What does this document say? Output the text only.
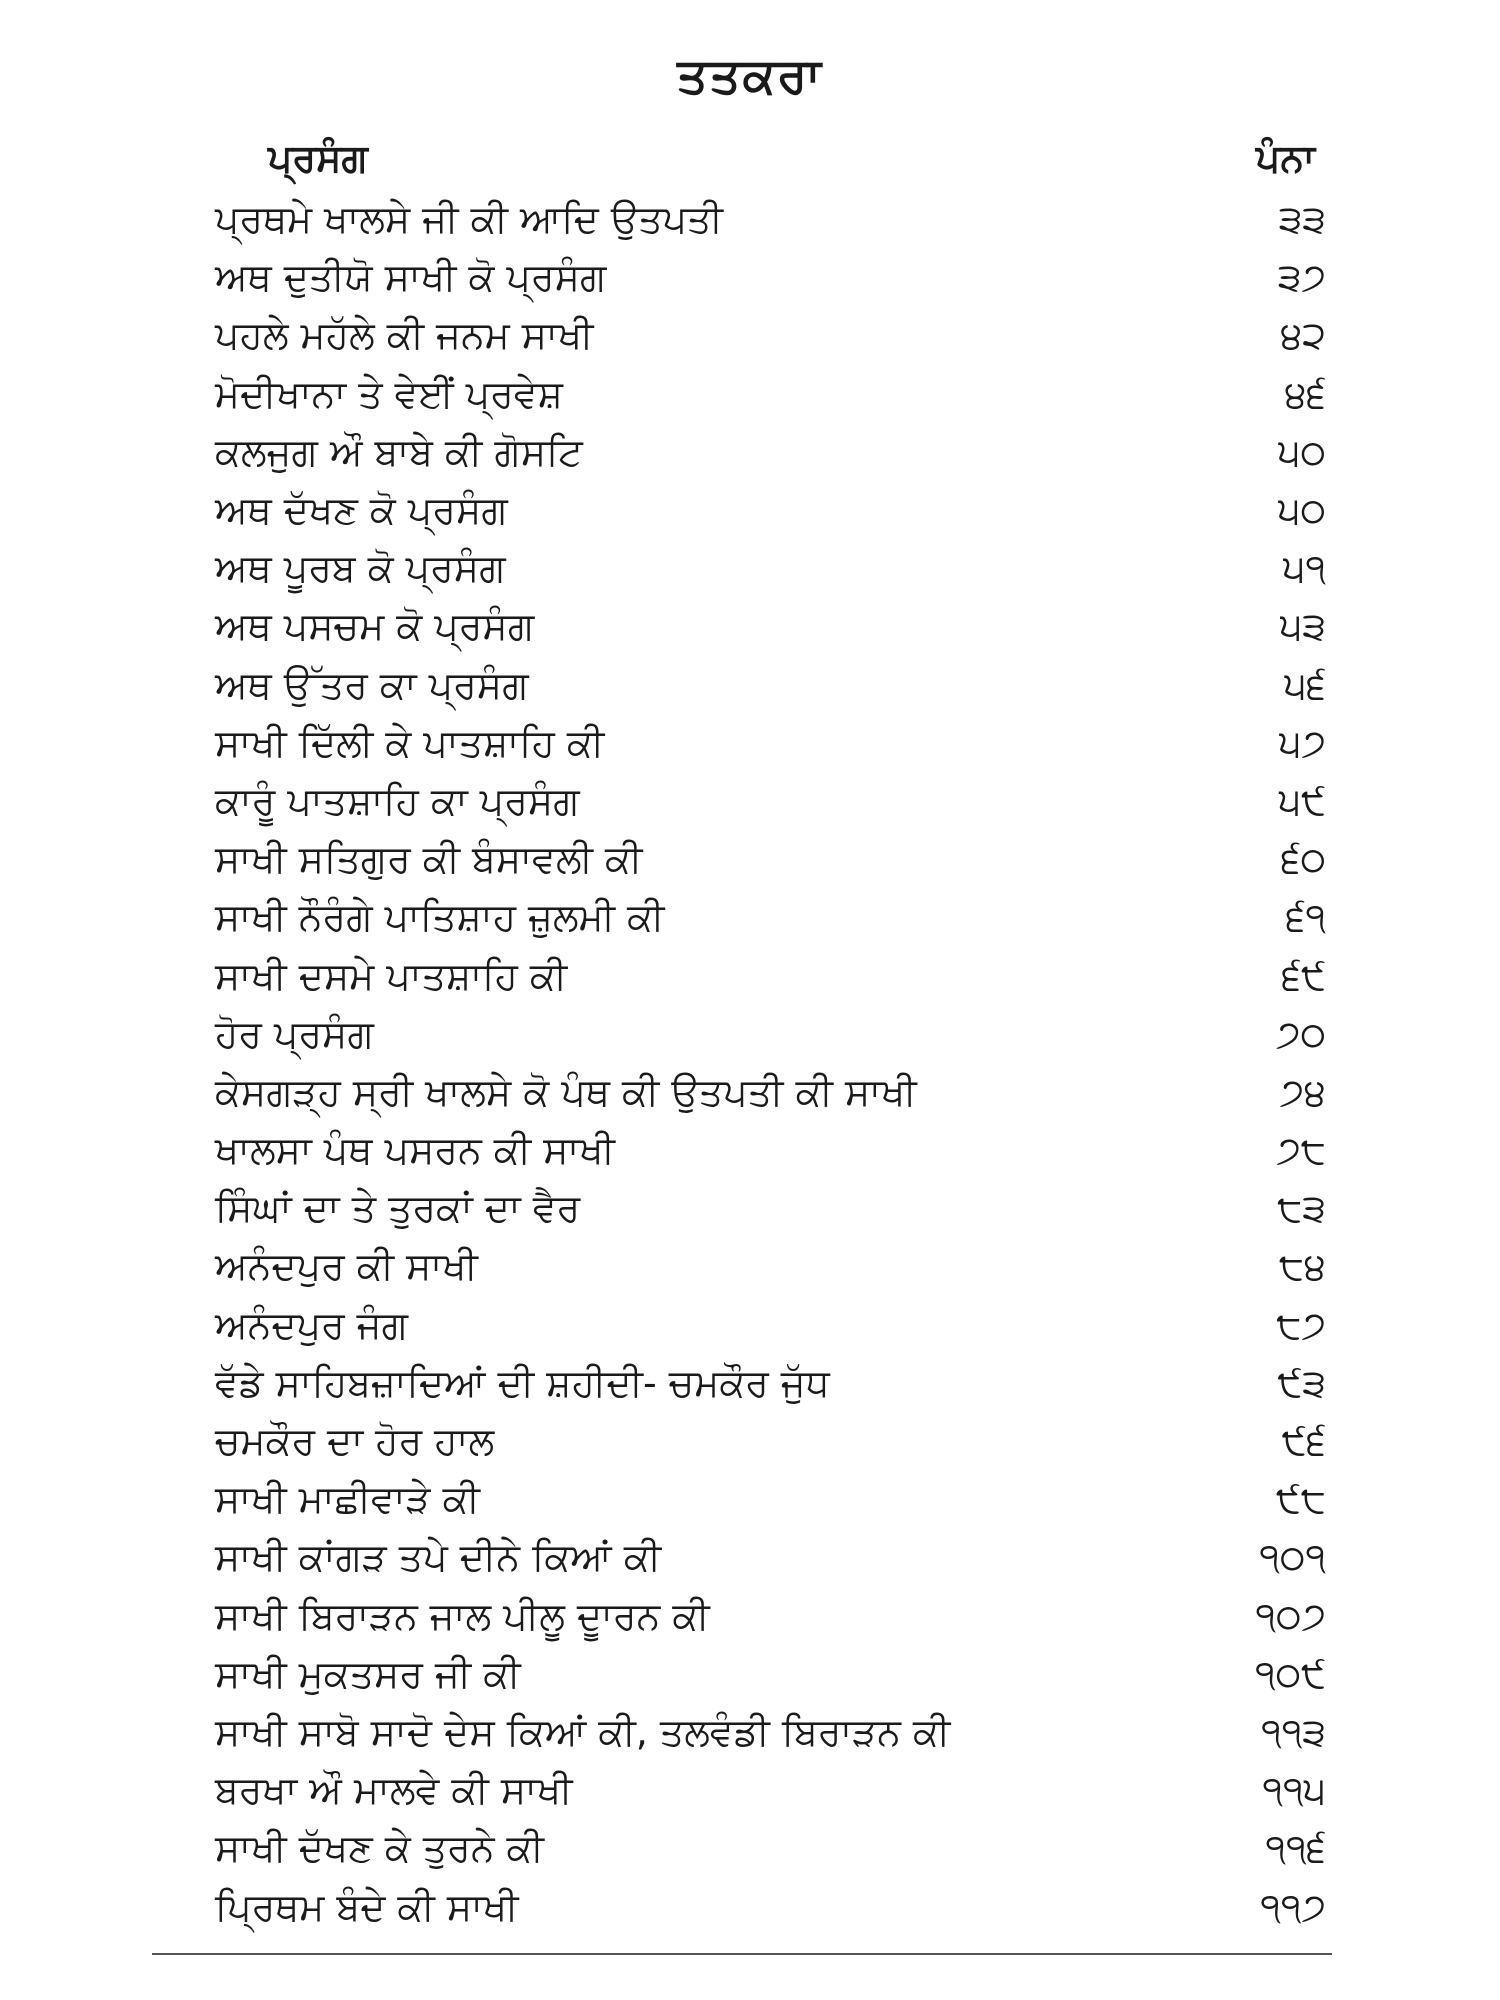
ਤਤਕਰਾ
ਪ੍ਰਸੰਗ	ਪੰਨਾ
ਪ੍ਰਥਮੇ ਖਾਲਸੇ ਜੀ ਕੀ ਆਦਿ ਉਤਪਤੀ	੩੩
ਅਥ ਦੁਤੀਯੋ ਸਾਖੀ ਕੋ ਪ੍ਰਸੰਗ	੩੭
ਪਹਲੇ ਮਹੱਲੇ ਕੀ ਜਨਮ ਸਾਖੀ	੪੨
ਮੋਦੀਖਾਨਾ ਤੇ ਵੇਈਂ ਪ੍ਰਵੇਸ਼	੪੬
ਕਲਜੁਗ ਔ ਬਾਬੇ ਕੀ ਗੋਸਟਿ	੫੦
ਅਥ ਦੱਖਣ ਕੋ ਪ੍ਰਸੰਗ	੫੦
ਅਥ ਪੂਰਬ ਕੋ ਪ੍ਰਸੰਗ	੫੧
ਅਥ ਪਸਚਮ ਕੋ ਪ੍ਰਸੰਗ	੫੩
ਅਥ ਉੱਤਰ ਕਾ ਪ੍ਰਸੰਗ	੫੬
ਸਾਖੀ ਦਿੱਲੀ ਕੇ ਪਾਤਸ਼ਾਹਿ ਕੀ	੫੭
ਕਾਰੂੰ ਪਾਤਸ਼ਾਹਿ ਕਾ ਪ੍ਰਸੰਗ	੫੯
ਸਾਖੀ ਸਤਿਗੁਰ ਕੀ ਬੰਸਾਵਲੀ ਕੀ	੬੦
ਸਾਖੀ ਨੌਰੰਗੇ ਪਾਤਿਸ਼ਾਹ ਜ਼ੁਲਮੀ ਕੀ	੬੧
ਸਾਖੀ ਦਸਮੇ ਪਾਤਸ਼ਾਹਿ ਕੀ	੬੯
ਹੋਰ ਪ੍ਰਸੰਗ	੭੦
ਕੇਸਗੜ੍ਹ ਸ੍ਰੀ ਖਾਲਸੇ ਕੋ ਪੰਥ ਕੀ ਉਤਪਤੀ ਕੀ ਸਾਖੀ	੭੪
ਖਾਲਸਾ ਪੰਥ ਪਸਰਨ ਕੀ ਸਾਖੀ	੭੮
ਸਿੰਘਾਂ ਦਾ ਤੇ ਤੁਰਕਾਂ ਦਾ ਵੈਰ	੮੩
ਅਨੰਦਪੁਰ ਕੀ ਸਾਖੀ	੮੪
ਅਨੰਦਪੁਰ ਜੰਗ	੮੭
ਵੱਡੇ ਸਾਹਿਬਜ਼ਾਦਿਆਂ ਦੀ ਸ਼ਹੀਦੀ- ਚਮਕੌਰ ਜੁੱਧ	੯੩
ਚਮਕੌਰ ਦਾ ਹੋਰ ਹਾਲ	੯੬
ਸਾਖੀ ਮਾਛੀਵਾੜੇ ਕੀ	੯੮
ਸਾਖੀ ਕਾਂਗੜ ਤਪੇ ਦੀਨੇ ਕਿਆਂ ਕੀ	੧੦੧
ਸਾਖੀ ਬਿਰਾੜਨ ਜਾਲ ਪੀਲੂ ਦੂਾਰਨ ਕੀ	੧੦੭
ਸਾਖੀ ਮੁਕਤਸਰ ਜੀ ਕੀ	੧੦੯
ਸਾਖੀ ਸਾਬੋ ਸਾਦੋ ਦੇਸ ਕਿਆਂ ਕੀ, ਤਲਵੰਡੀ ਬਿਰਾੜਨ ਕੀ	੧੧੩
ਬਰਖਾ ਔ ਮਾਲਵੇ ਕੀ ਸਾਖੀ	੧੧੫
ਸਾਖੀ ਦੱਖਣ ਕੇ ਤੁਰਨੇ ਕੀ	੧੧੬
ਪ੍ਰਿਥਮ ਬੰਦੇ ਕੀ ਸਾਖੀ	੧੧੭
